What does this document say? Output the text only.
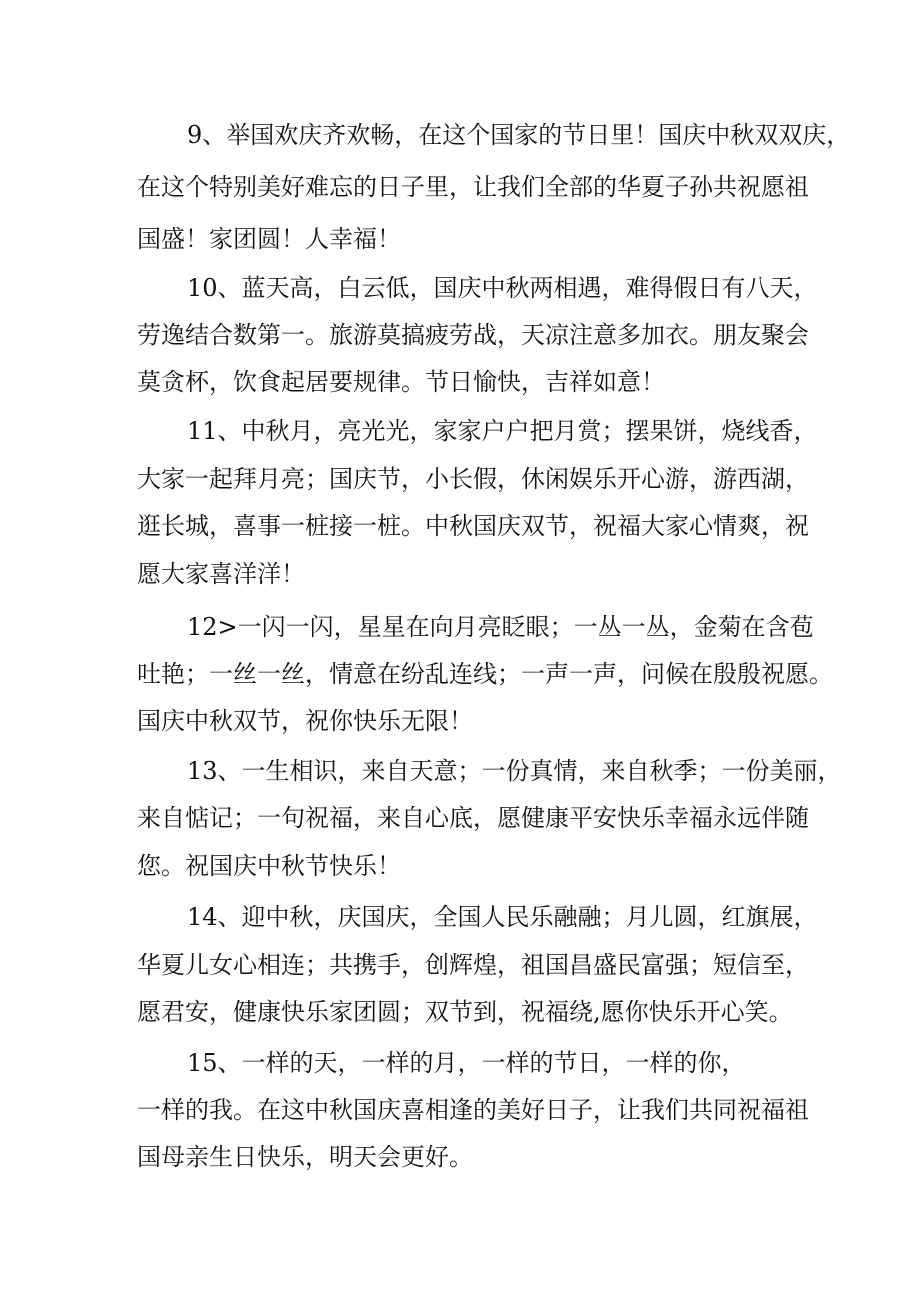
9、举国欢庆齐欢畅，在这个国家的节日里！国庆中秋双双庆，
在这个特别美好难忘的日子里，让我们全部的华夏子孙共祝愿祖
国盛！家团圆！人幸福！
10、蓝天高，白云低，国庆中秋两相遇，难得假日有八天，
劳逸结合数第一。旅游莫搞疲劳战，天凉注意多加衣。朋友聚会
莫贪杯，饮食起居要规律。节日愉快，吉祥如意！
11、中秋月，亮光光，家家户户把月赏；摆果饼，烧线香，
大家一起拜月亮；国庆节，小长假，休闲娱乐开心游，游西湖，
逛长城，喜事一桩接一桩。中秋国庆双节，祝福大家心情爽，祝
愿大家喜洋洋！
12>一闪一闪，星星在向月亮眨眼；一丛一丛，金菊在含苞
吐艳；一丝一丝，情意在纷乱连线；一声一声，问候在殷殷祝愿。
国庆中秋双节，祝你快乐无限！
13、一生相识，来自天意；一份真情，来自秋季；一份美丽，
来自惦记；一句祝福，来自心底，愿健康平安快乐幸福永远伴随
您。祝国庆中秋节快乐！
14、迎中秋，庆国庆，全国人民乐融融；月儿圆，红旗展，
华夏儿女心相连；共携手，创辉煌，祖国昌盛民富强；短信至，
愿君安，健康快乐家团圆；双节到，祝福绕,愿你快乐开心笑。
15、一样的天，一样的月，一样的节日，一样的你，
一样的我。在这中秋国庆喜相逢的美好日子，让我们共同祝福祖
国母亲生日快乐，明天会更好。
